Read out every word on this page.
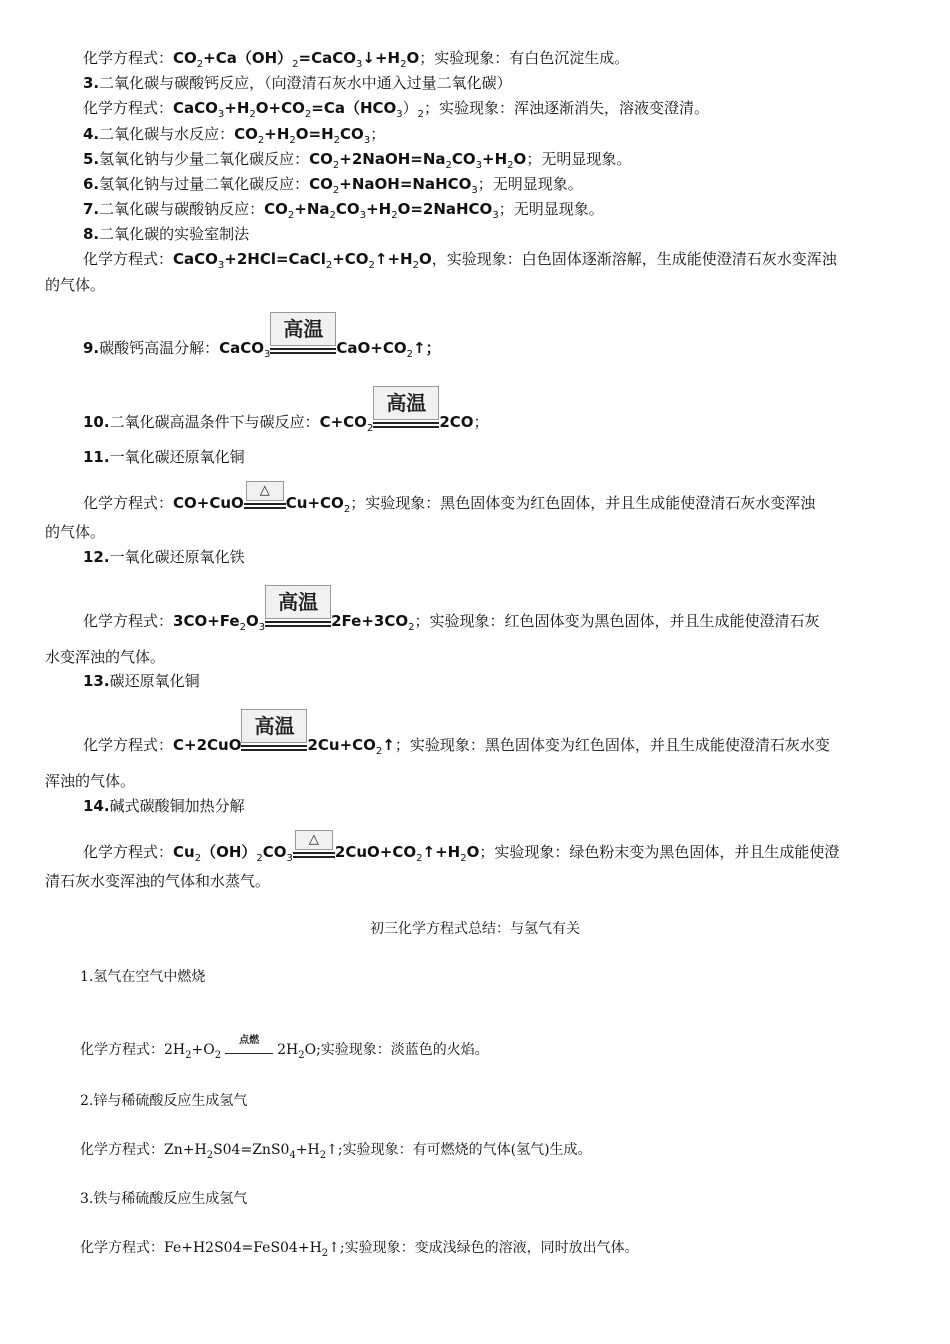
化学方程式：$CO_2+Ca(OH)_2=CaCO_3↓+H_2O$；实验现象：有白色沉淀生成。
3.二氧化碳与碳酸钙反应，（向澄清石灰水中通入过量二氧化碳）
化学方程式：$CaCO_3+H_2O+CO_2=Ca(HCO_3)_2$；实验现象：浑浊逐渐消失，溶液变澄清。
4.二氧化碳与水反应：$CO_2+H_2O=H_2CO_3$；
5.氢氧化钠与少量二氧化碳反应：$CO_2+2NaOH=Na_2CO_3+H_2O$；无明显现象。
6.氢氧化钠与过量二氧化碳反应：$CO_2+NaOH=NaHCO_3$；无明显现象。
7.二氧化碳与碳酸钠反应：$CO_2+Na_2CO_3+H_2O=2NaHCO_3$；无明显现象。
8.二氧化碳的实验室制法
化学方程式：$CaCO_3+2HCl=CaCl_2+CO_2↑+H_2O$，实验现象：白色固体逐渐溶解，生成能使澄清石灰水变浑浊
的气体。
9.碳酸钙高温分解：CaCO$_3$
高温
$CaO+CO_2↑$；
10.二氧化碳高温条件下与碳反应：$C+CO_2$
高温
2CO；
11.一氧化碳还原氧化铜
化学方程式：CO+CuO
△
$Cu+CO_2$；实验现象：黑色固体变为红色固体，并且生成能使澄清石灰水变浑浊
的气体。
12.一氧化碳还原氧化铁
化学方程式：$3CO+Fe_2O_3$
高温
$2Fe+3CO_2$；实验现象：红色固体变为黑色固体，并且生成能使澄清石灰
水变浑浊的气体。
13.碳还原氧化铜
化学方程式：C+2CuO
高温
$2Cu+CO_2↑$；实验现象：黑色固体变为红色固体，并且生成能使澄清石灰水变
浑浊的气体。
14.碱式碳酸铜加热分解
化学方程式：$Cu_2(OH)_2CO_3$
△
$2CuO+CO_2↑+H_2O$；实验现象：绿色粉末变为黑色固体，并且生成能使澄
清石灰水变浑浊的气体和水蒸气。
初三化学方程式总结：与氢气有关
1.氢气在空气中燃烧
化学方程式：$2H_2+O_2$
点燃
$2H_2O$;实验现象：淡蓝色的火焰。
2.锌与稀硫酸反应生成氢气
化学方程式：$Zn+H_2S04=ZnS0_4+H_2↑$;实验现象：有可燃烧的气体(氢气)生成。
3.铁与稀硫酸反应生成氢气
化学方程式：$Fe+H2S04=FeS04+H_2↑$;实验现象：变成浅绿色的溶液，同时放出气体。
